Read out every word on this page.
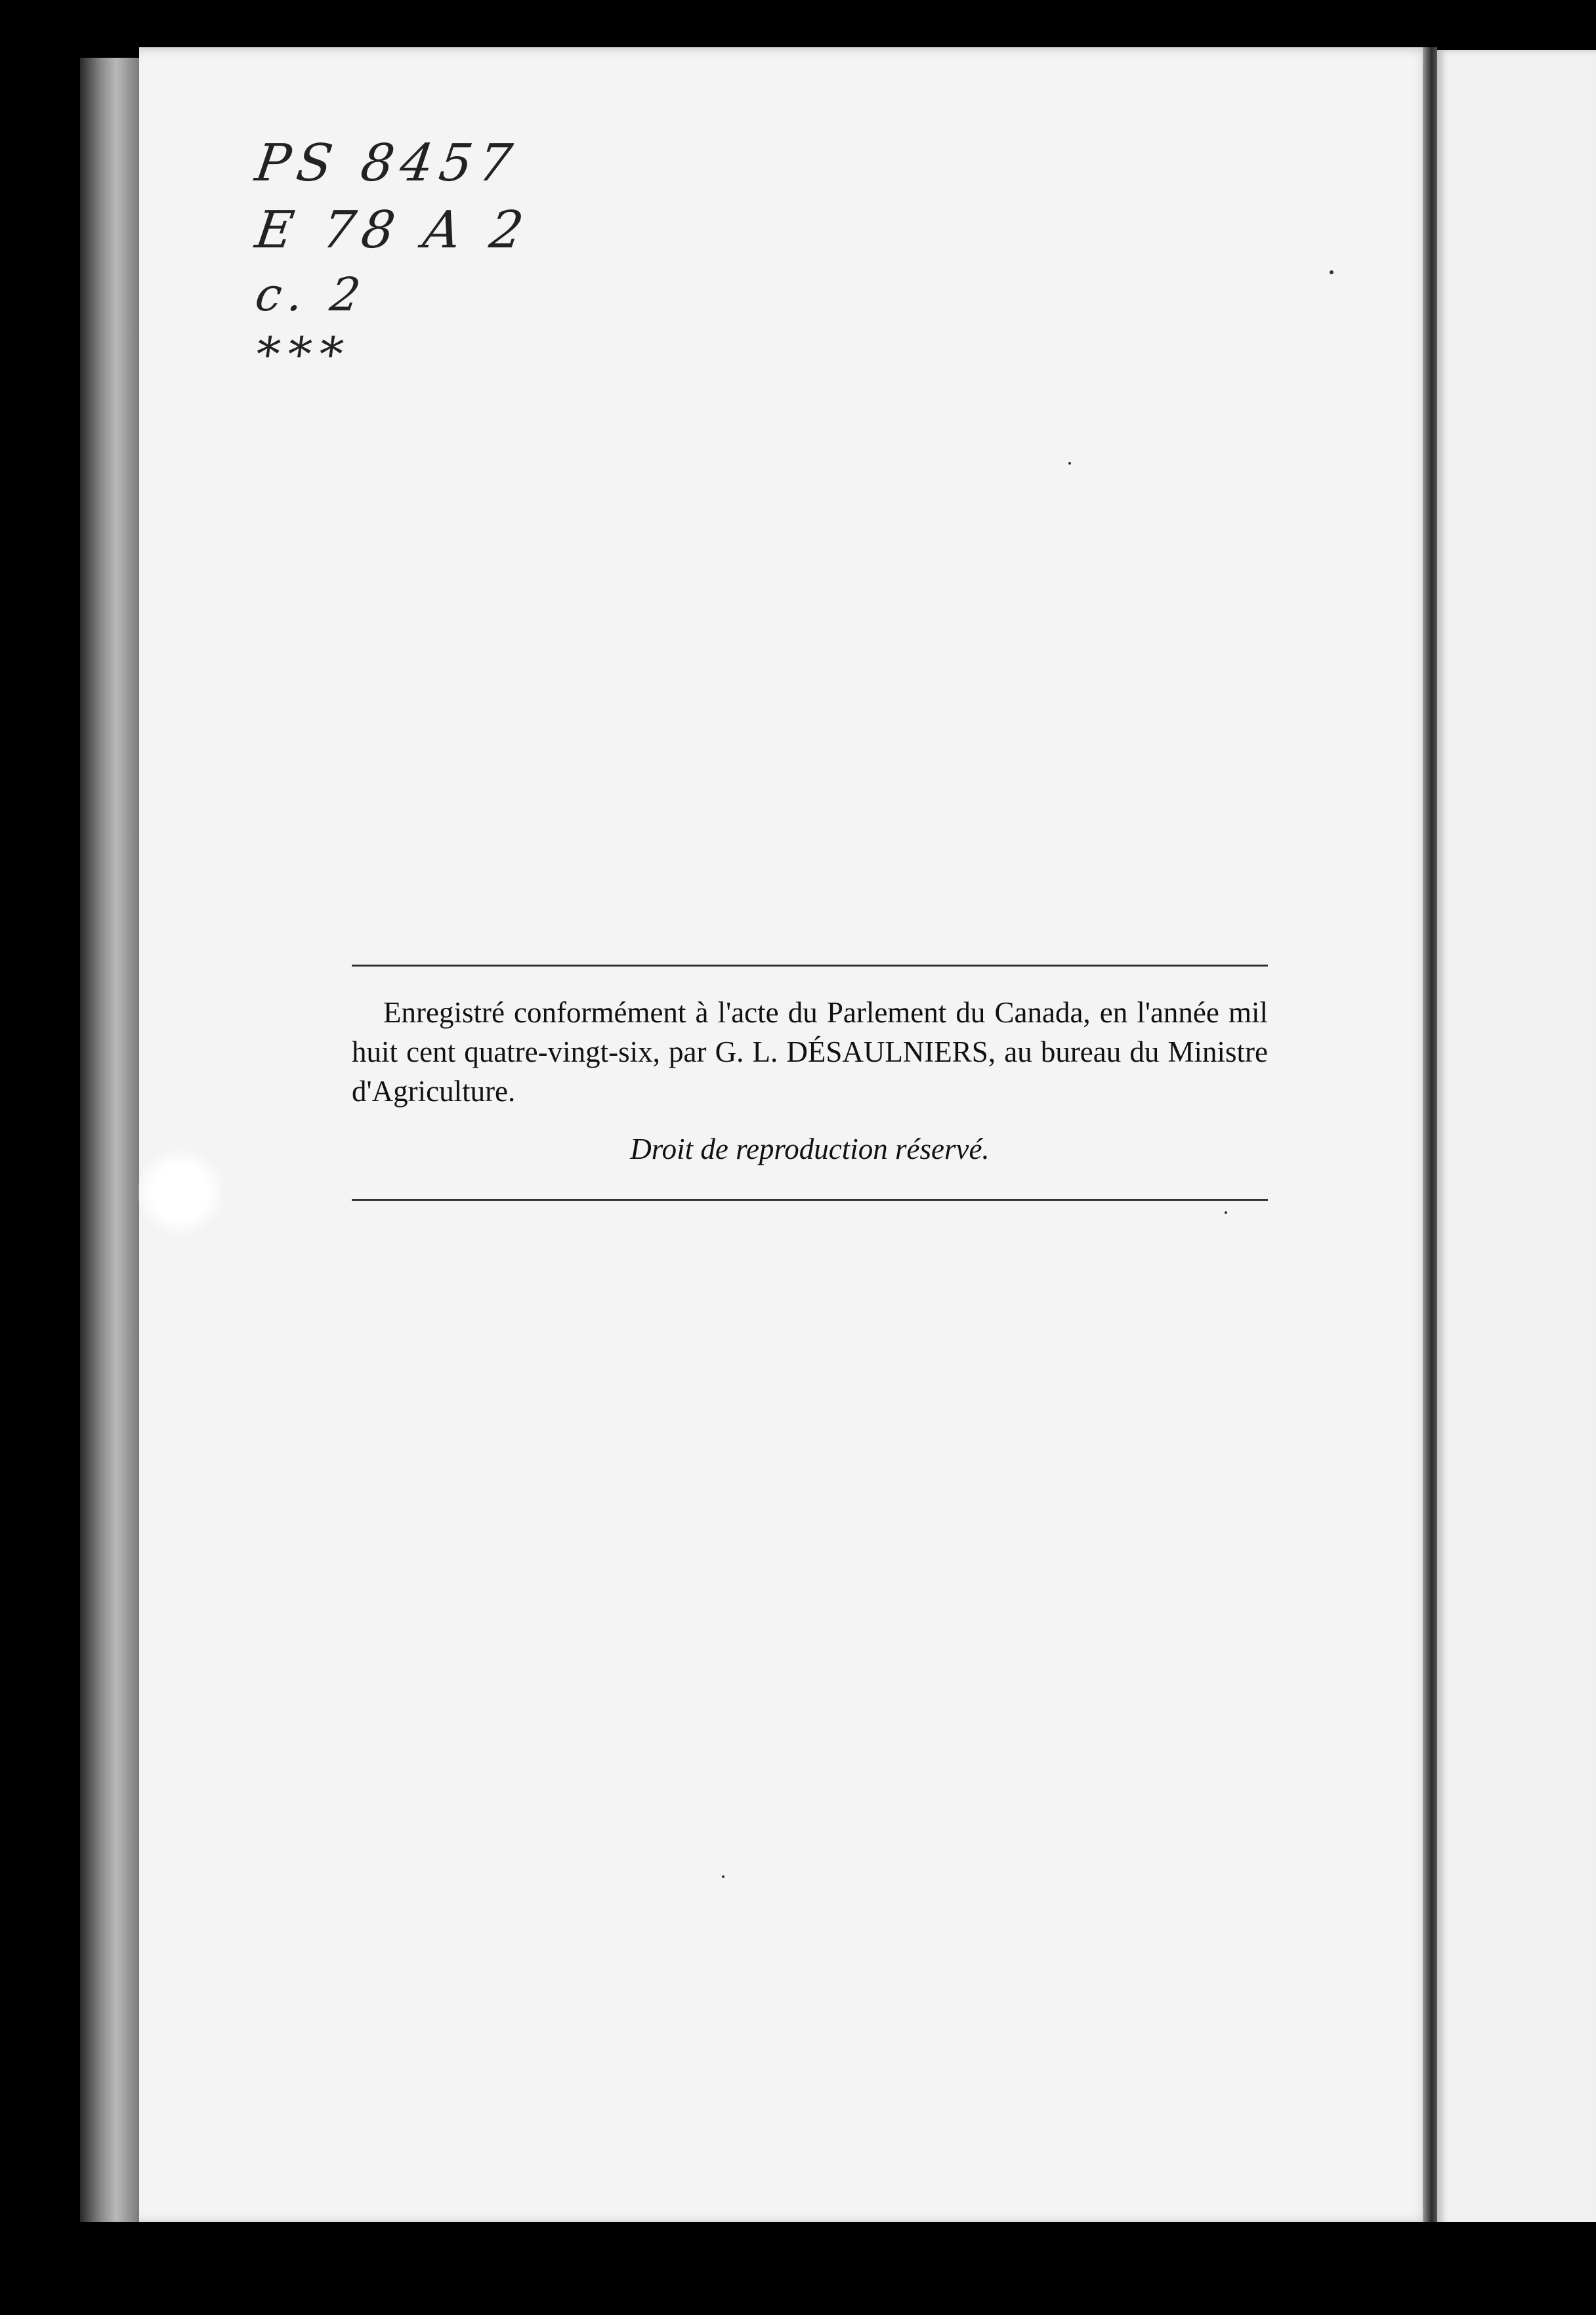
PS 8457
E 78 A 2
c. 2
***

Enregistré conformément à l'acte du Parlement du Canada, en l'année mil huit cent quatre-vingt-six, par G. L. DÉSAULNIERS, au bureau du Ministre d'Agriculture.

Droit de reproduction réservé.
